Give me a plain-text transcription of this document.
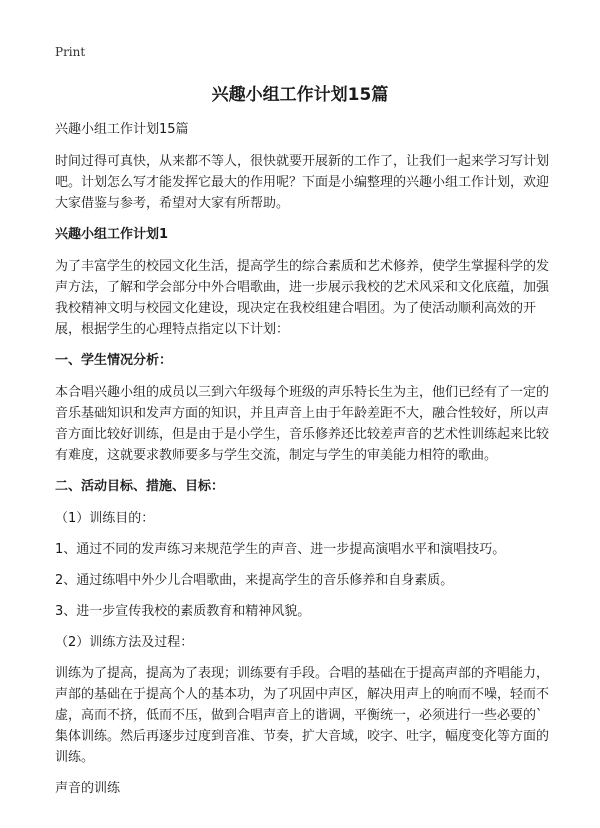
Print
兴趣小组工作计划15篇

兴趣小组工作计划15篇

时间过得可真快，从来都不等人，很快就要开展新的工作了，让我们一起来学习写计划吧。计划怎么写才能发挥它最大的作用呢？下面是小编整理的兴趣小组工作计划，欢迎大家借鉴与参考，希望对大家有所帮助。

兴趣小组工作计划1

为了丰富学生的校园文化生活，提高学生的综合素质和艺术修养，使学生掌握科学的发声方法，了解和学会部分中外合唱歌曲，进一步展示我校的艺术风采和文化底蕴，加强我校精神文明与校园文化建设，现决定在我校组建合唱团。为了使活动顺利高效的开展，根据学生的心理特点指定以下计划：

一、学生情况分析：

本合唱兴趣小组的成员以三到六年级每个班级的声乐特长生为主，他们已经有了一定的音乐基础知识和发声方面的知识，并且声音上由于年龄差距不大，融合性较好，所以声音方面比较好训练，但是由于是小学生，音乐修养还比较差声音的艺术性训练起来比较有难度，这就要求教师要多与学生交流，制定与学生的审美能力相符的歌曲。

二、活动目标、措施、目标：

（1）训练目的：

1、通过不同的发声练习来规范学生的声音、进一步提高演唱水平和演唱技巧。

2、通过练唱中外少儿合唱歌曲，来提高学生的音乐修养和自身素质。

3、进一步宣传我校的素质教育和精神风貌。

（2）训练方法及过程：

训练为了提高，提高为了表现；训练要有手段。合唱的基础在于提高声部的齐唱能力，声部的基础在于提高个人的基本功，为了巩固中声区，解决用声上的响而不噪，轻而不虚，高而不挤，低而不压，做到合唱声音上的谐调，平衡统一，必须进行一些必要的`集体训练。然后再逐步过度到音准、节奏，扩大音域，咬字、吐字，幅度变化等方面的训练。

声音的训练
